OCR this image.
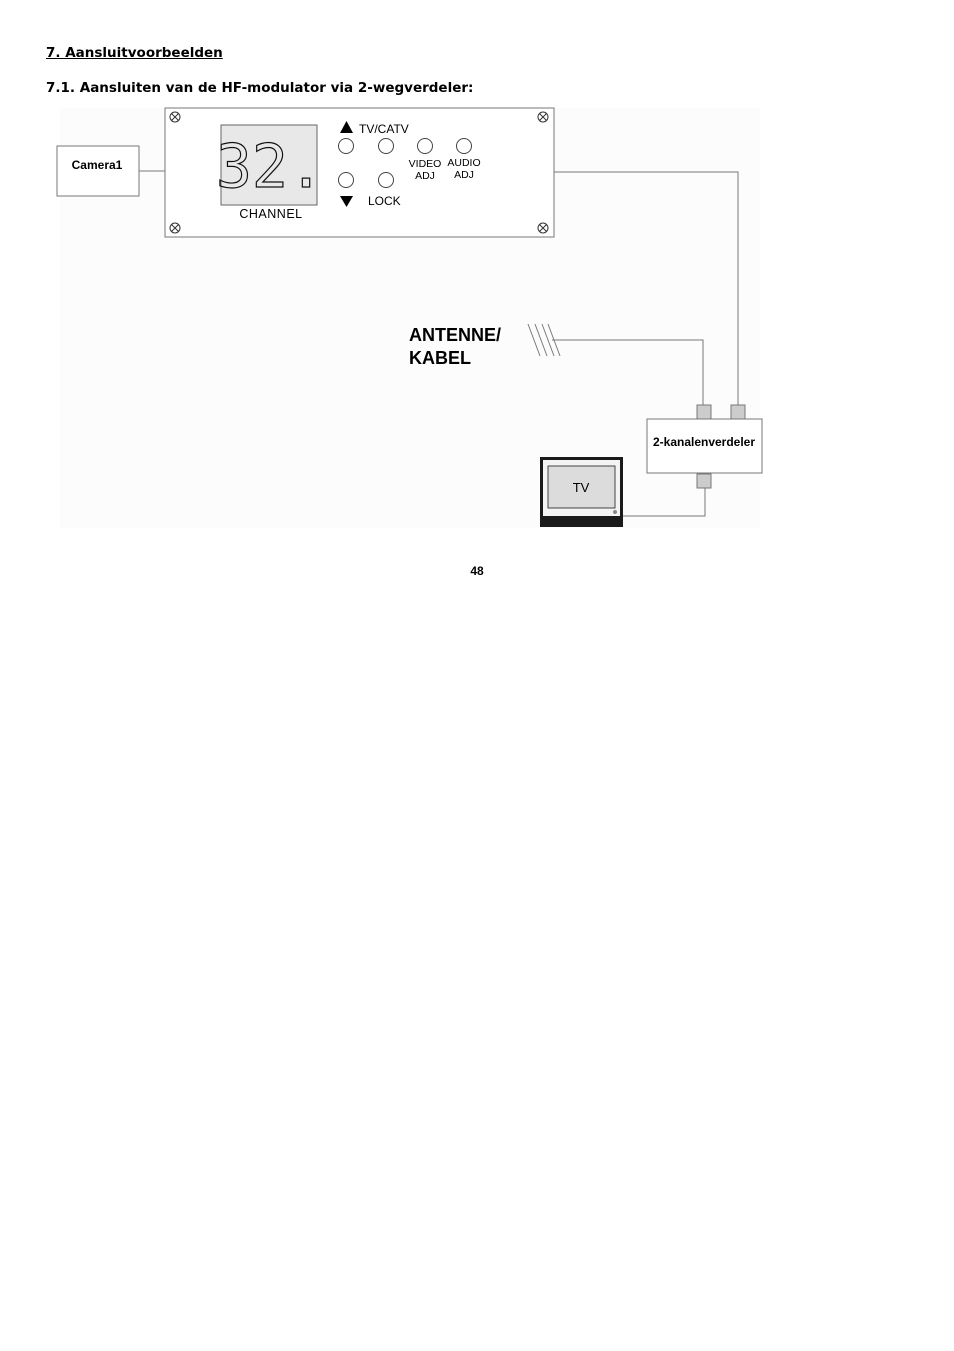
7. Aansluitvoorbeelden
7.1. Aansluiten van de HF-modulator via 2-wegverdeler:
Camera1 32.
CHANNEL
TV/CATV
LOCK
VIDEO
ADJ
AUDIO
ADJ
ANTENNE/
KABEL
2-kanalenverdeler
TV
48
